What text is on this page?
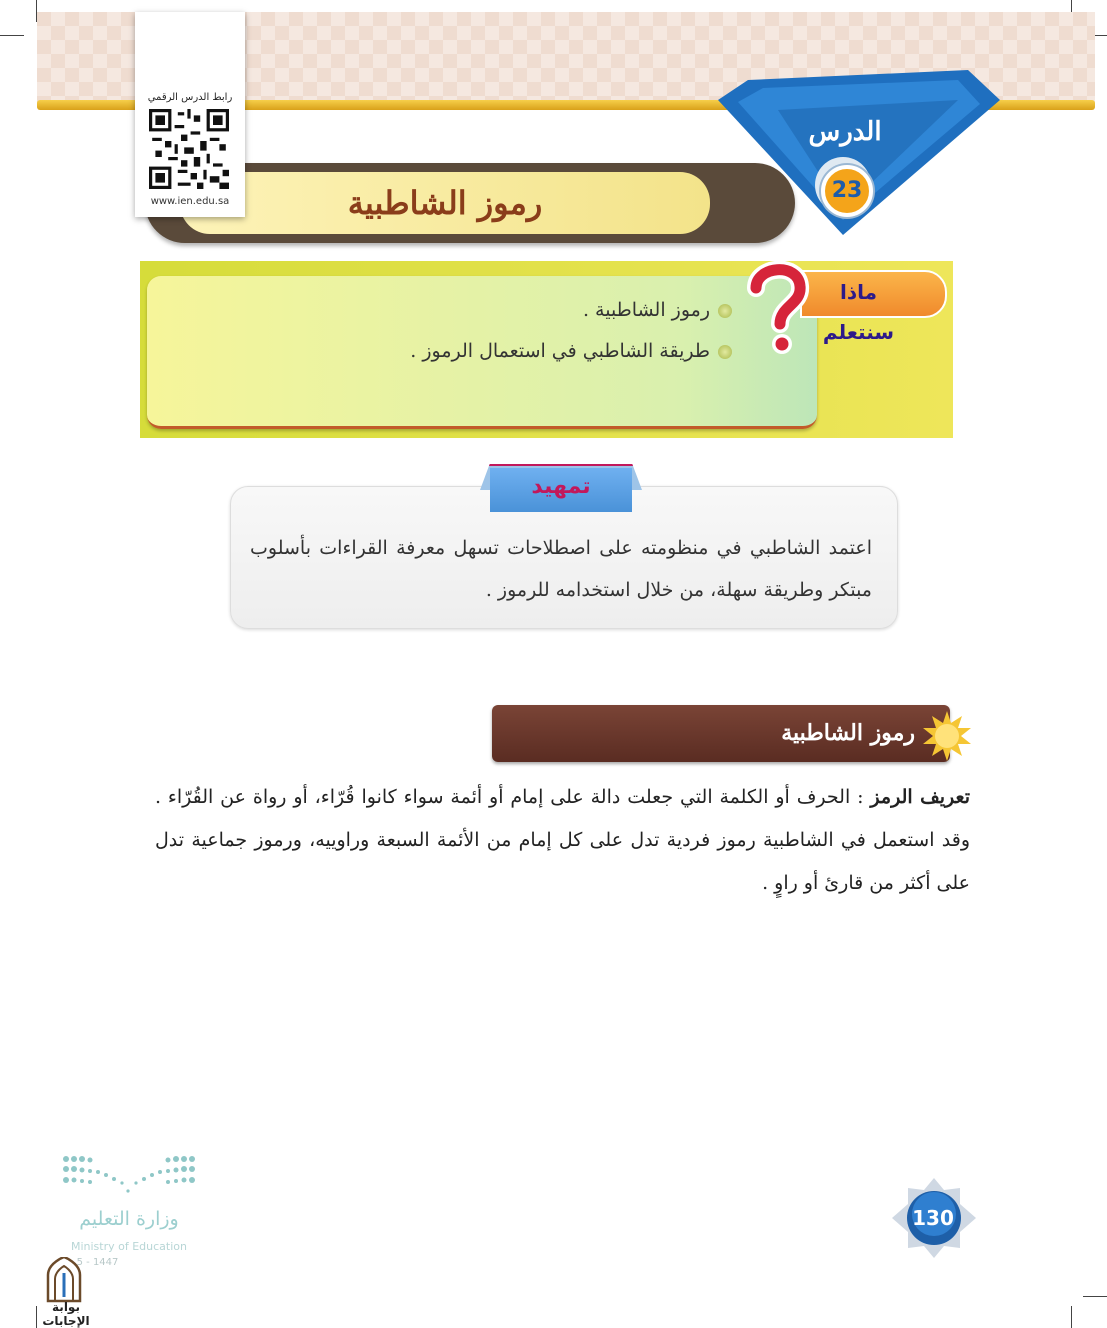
الدرس
23
رموز الشاطبية
رابط الدرس الرقمي
www.ien.edu.sa
ماذا سنتعلم
رموز الشاطبية .
طريقة الشاطبي في استعمال الرموز .
تمهيد
اعتمد الشاطبي في منظومته على اصطلاحات تسهل معرفة القراءات بأسلوب مبتكر وطريقة سهلة، من خلال استخدامه للرموز .
رموز الشاطبية
تعريف الرمز : الحرف أو الكلمة التي جعلت دالة على إمام أو أئمة سواء كانوا قُرّاء، أو رواة عن القُرّاء . وقد استعمل في الشاطبية رموز فردية تدل على كل إمام من الأئمة السبعة وراوييه، ورموز جماعية تدل على أكثر من قارئ أو راوٍ .
130
وزارة التعليم
Ministry of Education
5 - 1447
بوابة الإجابات
